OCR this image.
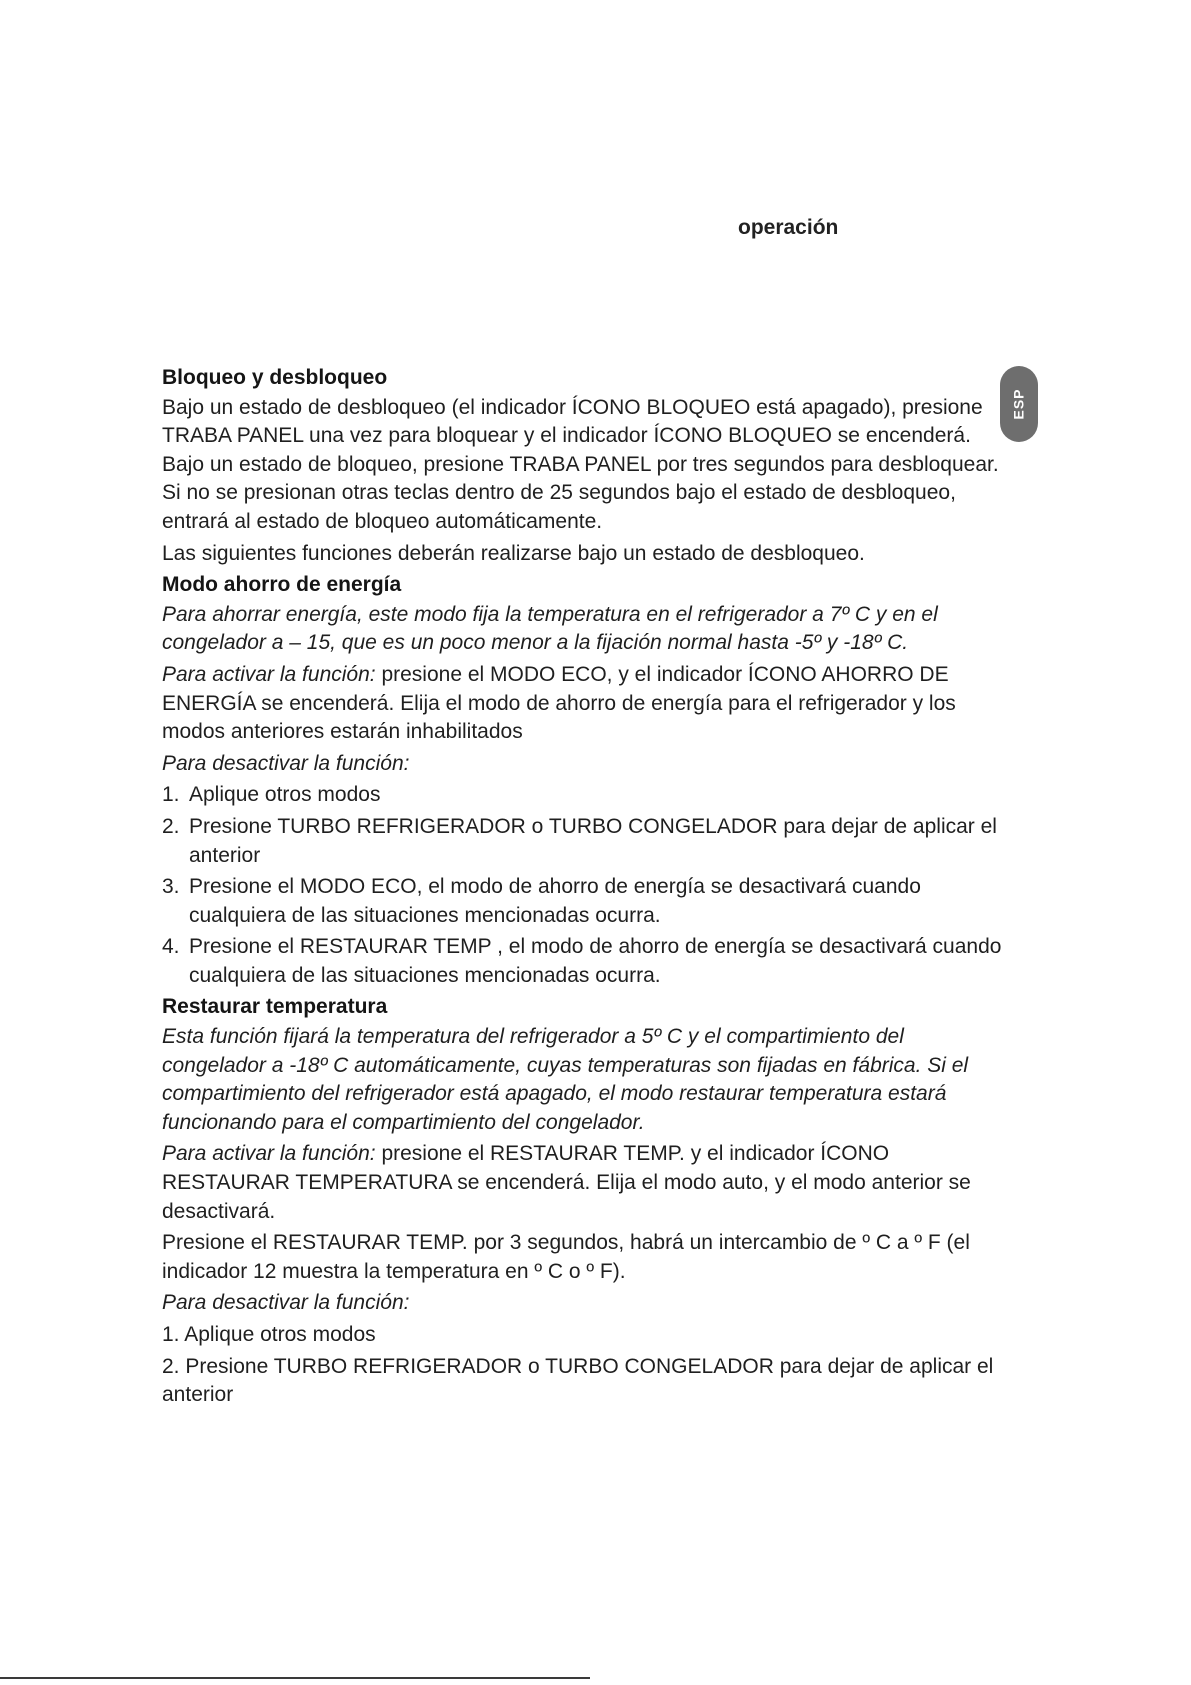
operación
ESP
Bloqueo y desbloqueo

Bajo un estado de desbloqueo (el indicador ÍCONO BLOQUEO está apagado), presione TRABA PANEL una vez para bloquear y el indicador ÍCONO BLOQUEO se encenderá. Bajo un estado de bloqueo, presione TRABA PANEL por tres segundos para desbloquear. Si no se presionan otras teclas dentro de 25 segundos bajo el estado de desbloqueo, entrará al estado de bloqueo automáticamente.

Las siguientes funciones deberán realizarse bajo un estado de desbloqueo.

Modo ahorro de energía

Para ahorrar energía, este modo fija la temperatura en el refrigerador a 7º C y en el congelador a – 15, que es un poco menor a la fijación normal hasta -5º y -18º C.

Para activar la función: presione el MODO ECO, y el indicador ÍCONO AHORRO DE ENERGÍA se encenderá. Elija el modo de ahorro de energía para el refrigerador y los modos anteriores estarán inhabilitados

Para desactivar la función:

1. Aplique otros modos
2. Presione TURBO REFRIGERADOR o TURBO CONGELADOR para dejar de aplicar el anterior
3. Presione el MODO ECO, el modo de ahorro de energía se desactivará cuando cualquiera de las situaciones mencionadas ocurra.
4. Presione el RESTAURAR TEMP , el modo de ahorro de energía se desactivará cuando cualquiera de las situaciones mencionadas ocurra.
Restaurar temperatura

Esta función fijará la temperatura del refrigerador a 5º C y el compartimiento del congelador a -18º C automáticamente, cuyas temperaturas son fijadas en fábrica. Si el compartimiento del refrigerador está apagado, el modo restaurar temperatura estará funcionando para el compartimiento del congelador.

Para activar la función: presione el RESTAURAR TEMP. y el indicador ÍCONO RESTAURAR TEMPERATURA se encenderá. Elija el modo auto, y el modo anterior se desactivará.

Presione el RESTAURAR TEMP. por 3 segundos, habrá un intercambio de º C a º F (el indicador 12 muestra la temperatura en º C o º F).

Para desactivar la función:

1. Aplique otros modos
2. Presione TURBO REFRIGERADOR o TURBO CONGELADOR para dejar de aplicar el anterior
